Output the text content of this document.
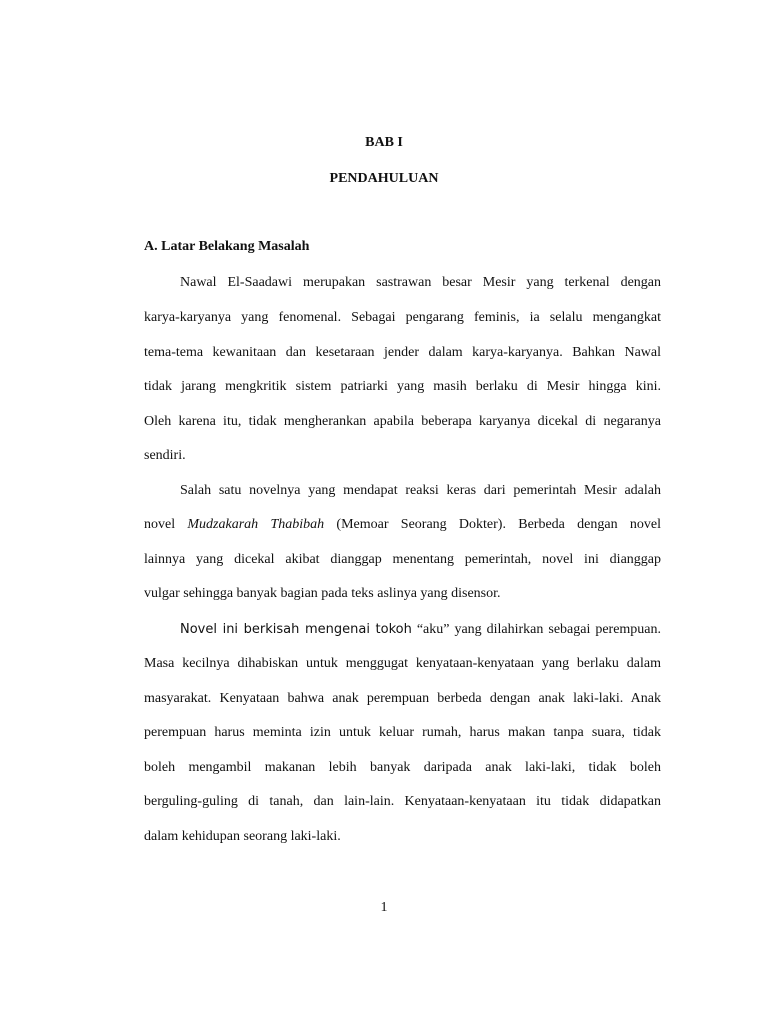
BAB I
PENDAHULUAN
A. Latar Belakang Masalah
Nawal El-Saadawi merupakan sastrawan besar Mesir yang terkenal dengan
karya-karyanya yang fenomenal. Sebagai pengarang feminis, ia selalu mengangkat
tema-tema kewanitaan dan kesetaraan jender dalam karya-karyanya. Bahkan Nawal
tidak jarang mengkritik sistem patriarki yang masih berlaku di Mesir hingga kini.
Oleh karena itu, tidak mengherankan apabila beberapa karyanya dicekal di negaranya
sendiri.
Salah satu novelnya yang mendapat reaksi keras dari pemerintah Mesir adalah
novel Mudzakarah Thabibah (Memoar Seorang Dokter). Berbeda dengan novel
lainnya yang dicekal akibat dianggap menentang pemerintah, novel ini dianggap
vulgar sehingga banyak bagian pada teks aslinya yang disensor.
Novel ini berkisah mengenai tokoh “aku” yang dilahirkan sebagai perempuan.
Masa kecilnya dihabiskan untuk menggugat kenyataan-kenyataan yang berlaku dalam
masyarakat. Kenyataan bahwa anak perempuan berbeda dengan anak laki-laki. Anak
perempuan harus meminta izin untuk keluar rumah, harus makan tanpa suara, tidak
boleh mengambil makanan lebih banyak daripada anak laki-laki, tidak boleh
berguling-guling di tanah, dan lain-lain. Kenyataan-kenyataan itu tidak didapatkan
dalam kehidupan seorang laki-laki.
1
